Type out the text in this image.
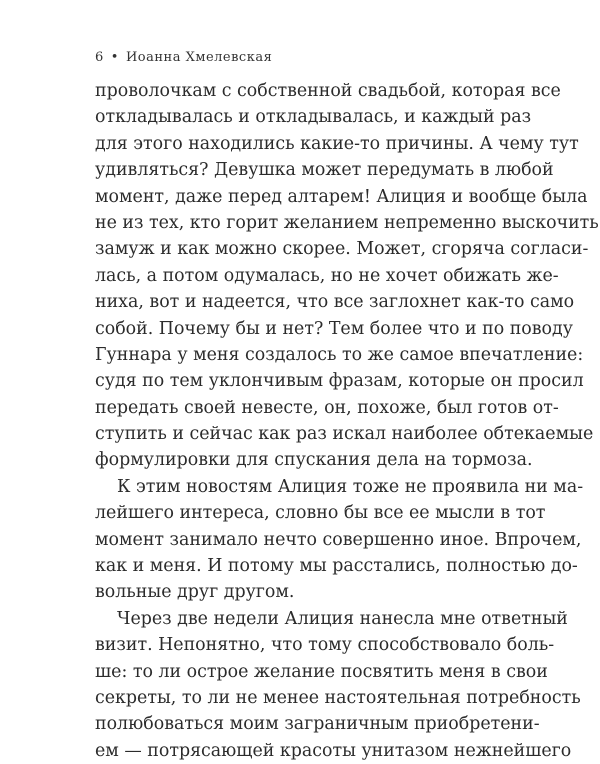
6 • Иоанна Хмелевская
проволочкам с собственной свадьбой, которая все
откладывалась и откладывалась, и каждый раз
для этого находились какие-то причины. А чему тут
удивляться? Девушка может передумать в любой
момент, даже перед алтарем! Алиция и вообще была
не из тех, кто горит желанием непременно выскочить
замуж и как можно скорее. Может, сгоряча согласи-
лась, а потом одумалась, но не хочет обижать же-
ниха, вот и надеется, что все заглохнет как-то само
собой. Почему бы и нет? Тем более что и по поводу
Гуннара у меня создалось то же самое впечатление:
судя по тем уклончивым фразам, которые он просил
передать своей невесте, он, похоже, был готов от-
ступить и сейчас как раз искал наиболее обтекаемые
формулировки для спускания дела на тормоза.
К этим новостям Алиция тоже не проявила ни ма-
лейшего интереса, словно бы все ее мысли в тот
момент занимало нечто совершенно иное. Впрочем,
как и меня. И потому мы расстались, полностью до-
вольные друг другом.
Через две недели Алиция нанесла мне ответный
визит. Непонятно, что тому способствовало боль-
ше: то ли острое желание посвятить меня в свои
секреты, то ли не менее настоятельная потребность
полюбоваться моим заграничным приобретени-
ем — потрясающей красоты унитазом нежнейшего
